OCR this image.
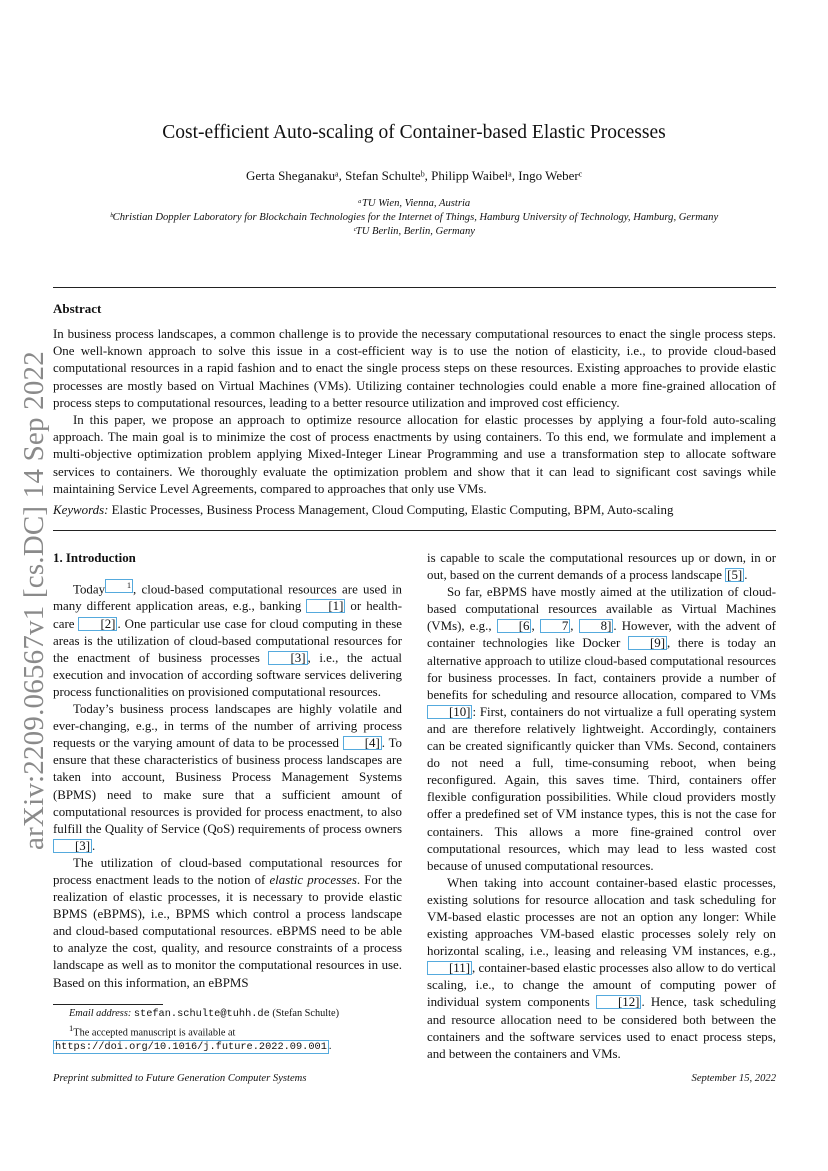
arXiv:2209.06567v1 [cs.DC] 14 Sep 2022
Cost-efficient Auto-scaling of Container-based Elastic Processes
Gerta Sheganakuᵃ, Stefan Schulteᵇ, Philipp Waibelᵃ, Ingo Weberᶜ
ᵃTU Wien, Vienna, Austria
ᵇChristian Doppler Laboratory for Blockchain Technologies for the Internet of Things, Hamburg University of Technology, Hamburg, Germany
ᶜTU Berlin, Berlin, Germany
Abstract

In business process landscapes, a common challenge is to provide the necessary computational resources to enact the single process steps. One well-known approach to solve this issue in a cost-efficient way is to use the notion of elasticity, i.e., to provide cloud-based computational resources in a rapid fashion and to enact the single process steps on these resources. Existing approaches to provide elastic processes are mostly based on Virtual Machines (VMs). Utilizing container technologies could enable a more fine-grained allocation of process steps to computational resources, leading to a better resource utilization and improved cost efficiency.

In this paper, we propose an approach to optimize resource allocation for elastic processes by applying a four-fold auto-scaling approach. The main goal is to minimize the cost of process enactments by using containers. To this end, we formulate and implement a multi-objective optimization problem applying Mixed-Integer Linear Programming and use a transformation step to allocate software services to containers. We thoroughly evaluate the optimization problem and show that it can lead to significant cost savings while maintaining Service Level Agreements, compared to approaches that only use VMs.

Keywords: Elastic Processes, Business Process Management, Cloud Computing, Elastic Computing, BPM, Auto-scaling
1. Introduction

Today	$^1$ , cloud-based computational resources are used in many different application areas, e.g., banking [1] or health-care [2] . One particular use case for cloud computing in these areas is the utilization of cloud-based computational resources for the enactment of business processes [3] , i.e., the actual execution and invocation of according software services delivering process functionalities on provisioned computational resources.

Today’s business process landscapes are highly volatile and ever-changing, e.g., in terms of the number of arriving process requests or the varying amount of data to be processed [4] . To ensure that these characteristics of business process landscapes are taken into account, Business Process Management Systems (BPMS) need to make sure that a sufficient amount of computational resources is provided for process enactment, to also fulfill the Quality of Service (QoS) requirements of process owners [3] .

The utilization of cloud-based computational resources for process enactment leads to the notion of elastic processes. For the realization of elastic processes, it is necessary to provide elastic BPMS (eBPMS), i.e., BPMS which control a process landscape and cloud-based computational resources. eBPMS need to be able to analyze the cost, quality, and resource constraints of a process landscape as well as to monitor the computational resources in use. Based on this information, an eBPMS

is capable to scale the computational resources up or down, in or out, based on the current demands of a process landscape [5] .

So far, eBPMS have mostly aimed at the utilization of cloud-based computational resources available as Virtual Machines (VMs), e.g., [6 , 7 , 8] . However, with the advent of container technologies like Docker [9] , there is today an alternative approach to utilize cloud-based computational resources for business processes. In fact, containers provide a number of benefits for scheduling and resource allocation, compared to VMs [10] : First, containers do not virtualize a full operating system and are therefore relatively lightweight. Accordingly, containers can be created significantly quicker than VMs. Second, containers do not need a full, time-consuming reboot, when being reconfigured. Again, this saves time. Third, containers offer flexible configuration possibilities. While cloud providers mostly offer a predefined set of VM instance types, this is not the case for containers. This allows a more fine-grained control over computational resources, which may lead to less wasted cost because of unused computational resources.

When taking into account container-based elastic processes, existing solutions for resource allocation and task scheduling for VM-based elastic processes are not an option any longer: While existing approaches VM-based elastic processes solely rely on horizontal scaling, i.e., leasing and releasing VM instances, e.g., [11] , container-based elastic processes also allow to do vertical scaling, i.e., to change the amount of computing power of individual system components [12] . Hence, task scheduling and resource allocation need to be considered both between the containers and the software services used to enact process steps, and between the containers and VMs.

Email address: stefan.schulte@tuhh.de (Stefan Schulte)
$^1$The accepted manuscript is available at https://doi.org/10.1016/j.future.2022.09.001 .
Preprint submitted to Future Generation Computer Systems	September 15, 2022
